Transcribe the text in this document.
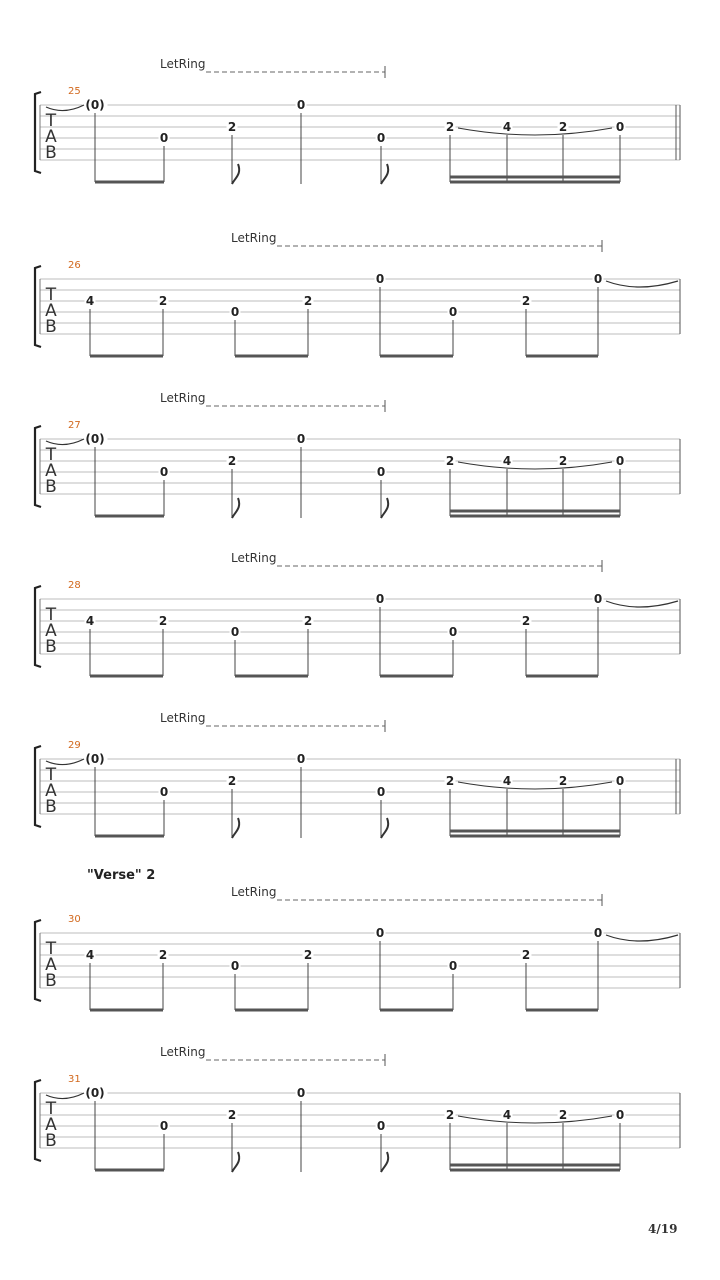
T
A
B
25
LetRing
(0)
0
2
0
0
2	4	2	0
T
A
B
26
LetRing
4	2
0
2
0
0
2
0
T
A
B
27
LetRing
(0)
0
2
0
0
2	4	2	0
T
A
B
28
LetRing
4	2
0
2
0
0
2
0
T
A
B
29
LetRing
(0)
0
2
0
0
2	4	2	0
T
A
B
30
LetRing
4	2
0
2
0
0
2
0
T
A
B
31
LetRing
(0)
0
2
0
0
2	4	2	0
"Verse" 2
4/19
